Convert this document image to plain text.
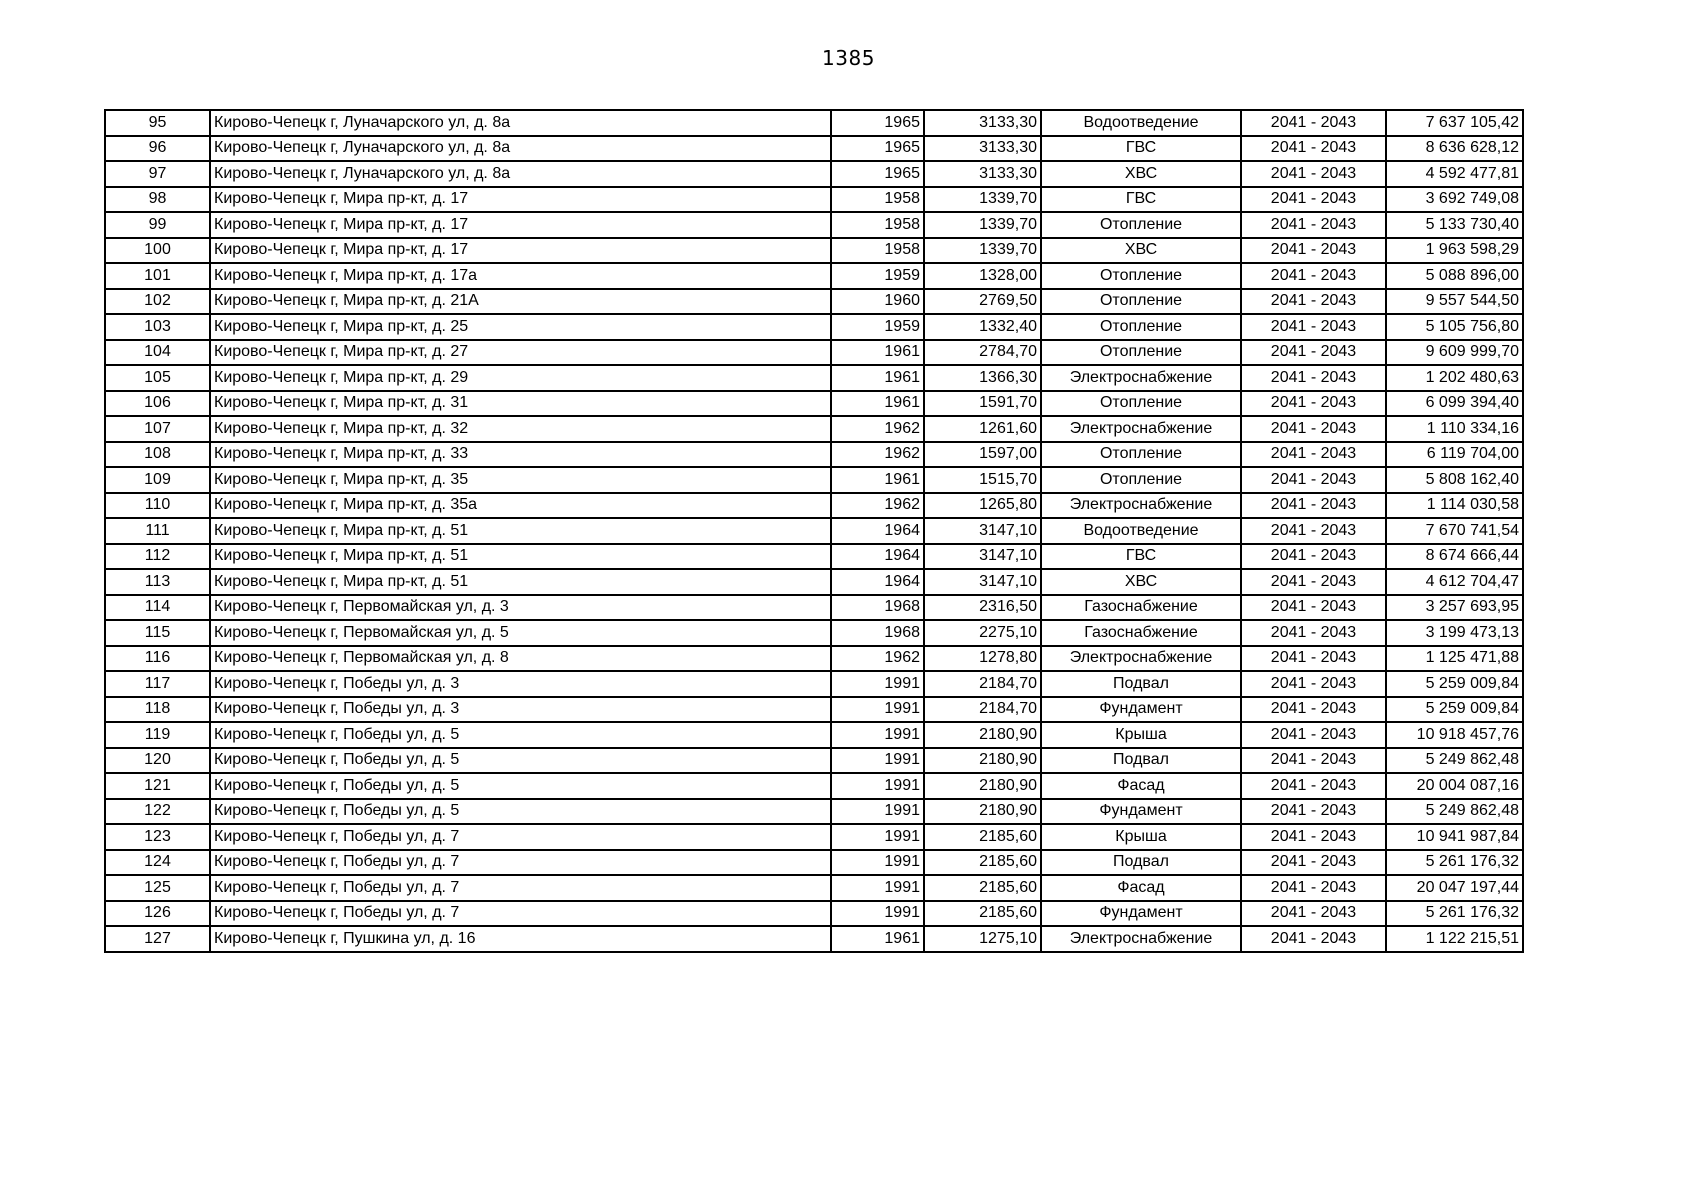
1385
95	Кирово-Чепецк г, Луначарского ул, д. 8а	1965	3133,30	Водоотведение	2041 - 2043	7 637 105,42
96	Кирово-Чепецк г, Луначарского ул, д. 8а	1965	3133,30	ГВС	2041 - 2043	8 636 628,12
97	Кирово-Чепецк г, Луначарского ул, д. 8а	1965	3133,30	ХВС	2041 - 2043	4 592 477,81
98	Кирово-Чепецк г, Мира пр-кт, д. 17	1958	1339,70	ГВС	2041 - 2043	3 692 749,08
99	Кирово-Чепецк г, Мира пр-кт, д. 17	1958	1339,70	Отопление	2041 - 2043	5 133 730,40
100	Кирово-Чепецк г, Мира пр-кт, д. 17	1958	1339,70	ХВС	2041 - 2043	1 963 598,29
101	Кирово-Чепецк г, Мира пр-кт, д. 17а	1959	1328,00	Отопление	2041 - 2043	5 088 896,00
102	Кирово-Чепецк г, Мира пр-кт, д. 21А	1960	2769,50	Отопление	2041 - 2043	9 557 544,50
103	Кирово-Чепецк г, Мира пр-кт, д. 25	1959	1332,40	Отопление	2041 - 2043	5 105 756,80
104	Кирово-Чепецк г, Мира пр-кт, д. 27	1961	2784,70	Отопление	2041 - 2043	9 609 999,70
105	Кирово-Чепецк г, Мира пр-кт, д. 29	1961	1366,30	Электроснабжение	2041 - 2043	1 202 480,63
106	Кирово-Чепецк г, Мира пр-кт, д. 31	1961	1591,70	Отопление	2041 - 2043	6 099 394,40
107	Кирово-Чепецк г, Мира пр-кт, д. 32	1962	1261,60	Электроснабжение	2041 - 2043	1 110 334,16
108	Кирово-Чепецк г, Мира пр-кт, д. 33	1962	1597,00	Отопление	2041 - 2043	6 119 704,00
109	Кирово-Чепецк г, Мира пр-кт, д. 35	1961	1515,70	Отопление	2041 - 2043	5 808 162,40
110	Кирово-Чепецк г, Мира пр-кт, д. 35а	1962	1265,80	Электроснабжение	2041 - 2043	1 114 030,58
111	Кирово-Чепецк г, Мира пр-кт, д. 51	1964	3147,10	Водоотведение	2041 - 2043	7 670 741,54
112	Кирово-Чепецк г, Мира пр-кт, д. 51	1964	3147,10	ГВС	2041 - 2043	8 674 666,44
113	Кирово-Чепецк г, Мира пр-кт, д. 51	1964	3147,10	ХВС	2041 - 2043	4 612 704,47
114	Кирово-Чепецк г, Первомайская ул, д. 3	1968	2316,50	Газоснабжение	2041 - 2043	3 257 693,95
115	Кирово-Чепецк г, Первомайская ул, д. 5	1968	2275,10	Газоснабжение	2041 - 2043	3 199 473,13
116	Кирово-Чепецк г, Первомайская ул, д. 8	1962	1278,80	Электроснабжение	2041 - 2043	1 125 471,88
117	Кирово-Чепецк г, Победы ул, д. 3	1991	2184,70	Подвал	2041 - 2043	5 259 009,84
118	Кирово-Чепецк г, Победы ул, д. 3	1991	2184,70	Фундамент	2041 - 2043	5 259 009,84
119	Кирово-Чепецк г, Победы ул, д. 5	1991	2180,90	Крыша	2041 - 2043	10 918 457,76
120	Кирово-Чепецк г, Победы ул, д. 5	1991	2180,90	Подвал	2041 - 2043	5 249 862,48
121	Кирово-Чепецк г, Победы ул, д. 5	1991	2180,90	Фасад	2041 - 2043	20 004 087,16
122	Кирово-Чепецк г, Победы ул, д. 5	1991	2180,90	Фундамент	2041 - 2043	5 249 862,48
123	Кирово-Чепецк г, Победы ул, д. 7	1991	2185,60	Крыша	2041 - 2043	10 941 987,84
124	Кирово-Чепецк г, Победы ул, д. 7	1991	2185,60	Подвал	2041 - 2043	5 261 176,32
125	Кирово-Чепецк г, Победы ул, д. 7	1991	2185,60	Фасад	2041 - 2043	20 047 197,44
126	Кирово-Чепецк г, Победы ул, д. 7	1991	2185,60	Фундамент	2041 - 2043	5 261 176,32
127	Кирово-Чепецк г, Пушкина ул, д. 16	1961	1275,10	Электроснабжение	2041 - 2043	1 122 215,51
